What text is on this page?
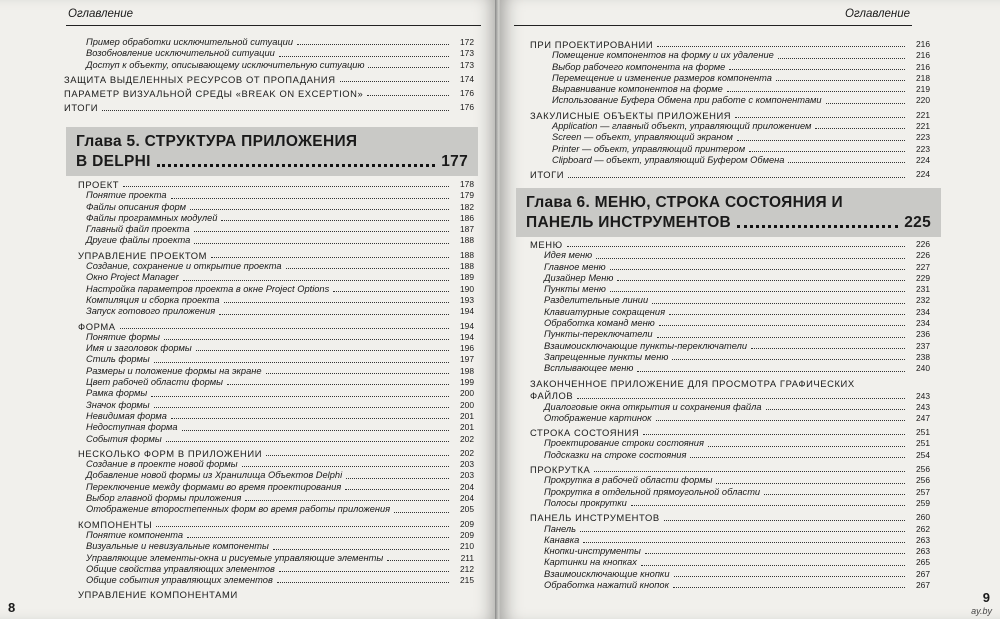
Оглавление
Пример обработки исключительной ситуации	172
Возобновление исключительной ситуации	173
Доступ к объекту, описывающему исключительную ситуацию	173
ЗАЩИТА ВЫДЕЛЕННЫХ РЕСУРСОВ ОТ ПРОПАДАНИЯ	174
ПАРАМЕТР ВИЗУАЛЬНОЙ СРЕДЫ «BREAK ON EXCEPTION»	176
ИТОГИ	176
Глава 5. СТРУКТУРА ПРИЛОЖЕНИЯ
В DELPHI	177
ПРОЕКТ	178
Понятие проекта	179
Файлы описания форм	182
Файлы программных модулей	186
Главный файл проекта	187
Другие файлы проекта	188
УПРАВЛЕНИЕ ПРОЕКТОМ	188
Создание, сохранение и открытие проекта	188
Окно Project Manager	189
Настройка параметров проекта в окне Project Options	190
Компиляция и сборка проекта	193
Запуск готового приложения	194
ФОРМА	194
Понятие формы	194
Имя и заголовок формы	196
Стиль формы	197
Размеры и положение формы на экране	198
Цвет рабочей области формы	199
Рамка формы	200
Значок формы	200
Невидимая форма	201
Недоступная форма	201
События формы	202
НЕСКОЛЬКО ФОРМ В ПРИЛОЖЕНИИ	202
Создание в проекте новой формы	203
Добавление новой формы из Хранилища Объектов Delphi	203
Переключение между формами во время проектирования	204
Выбор главной формы приложения	204
Отображение второстепенных форм во время работы приложения	205
КОМПОНЕНТЫ	209
Понятие компонента	209
Визуальные и невизуальные компоненты	210
Управляющие элементы-окна и рисуемые управляющие элементы	211
Общие свойства управляющих элементов	212
Общие события управляющих элементов	215
УПРАВЛЕНИЕ КОМПОНЕНТАМИ
8
Оглавление
ПРИ ПРОЕКТИРОВАНИИ	216
Помещение компонентов на форму и их удаление	216
Выбор рабочего компонента на форме	216
Перемещение и изменение размеров компонента	218
Выравнивание компонентов на форме	219
Использование Буфера Обмена при работе с компонентами	220
ЗАКУЛИСНЫЕ ОБЪЕКТЫ ПРИЛОЖЕНИЯ	221
Application — главный объект, управляющий приложением	221
Screen — объект, управляющий экраном	223
Printer — объект, управляющий принтером	223
Clipboard — объект, управляющий Буфером Обмена	224
ИТОГИ	224
Глава 6. МЕНЮ, СТРОКА СОСТОЯНИЯ И
ПАНЕЛЬ ИНСТРУМЕНТОВ	225
МЕНЮ	226
Идея меню	226
Главное меню	227
Дизайнер Меню	229
Пункты меню	231
Разделительные линии	232
Клавиатурные сокращения	234
Обработка команд меню	234
Пункты-переключатели	236
Взаимоисключающие пункты-переключатели	237
Запрещенные пункты меню	238
Всплывающее меню	240
ЗАКОНЧЕННОЕ ПРИЛОЖЕНИЕ ДЛЯ ПРОСМОТРА ГРАФИЧЕСКИХ
ФАЙЛОВ	243
Диалоговые окна открытия и сохранения файла	243
Отображение картинок	247
СТРОКА СОСТОЯНИЯ	251
Проектирование строки состояния	251
Подсказки на строке состояния	254
ПРОКРУТКА	256
Прокрутка в рабочей области формы	256
Прокрутка в отдельной прямоугольной области	257
Полосы прокрутки	259
ПАНЕЛЬ ИНСТРУМЕНТОВ	260
Панель	262
Канавка	263
Кнопки-инструменты	263
Картинки на кнопках	265
Взаимоисключающие кнопки	267
Обработка нажатий кнопок	267
9
ay.by
